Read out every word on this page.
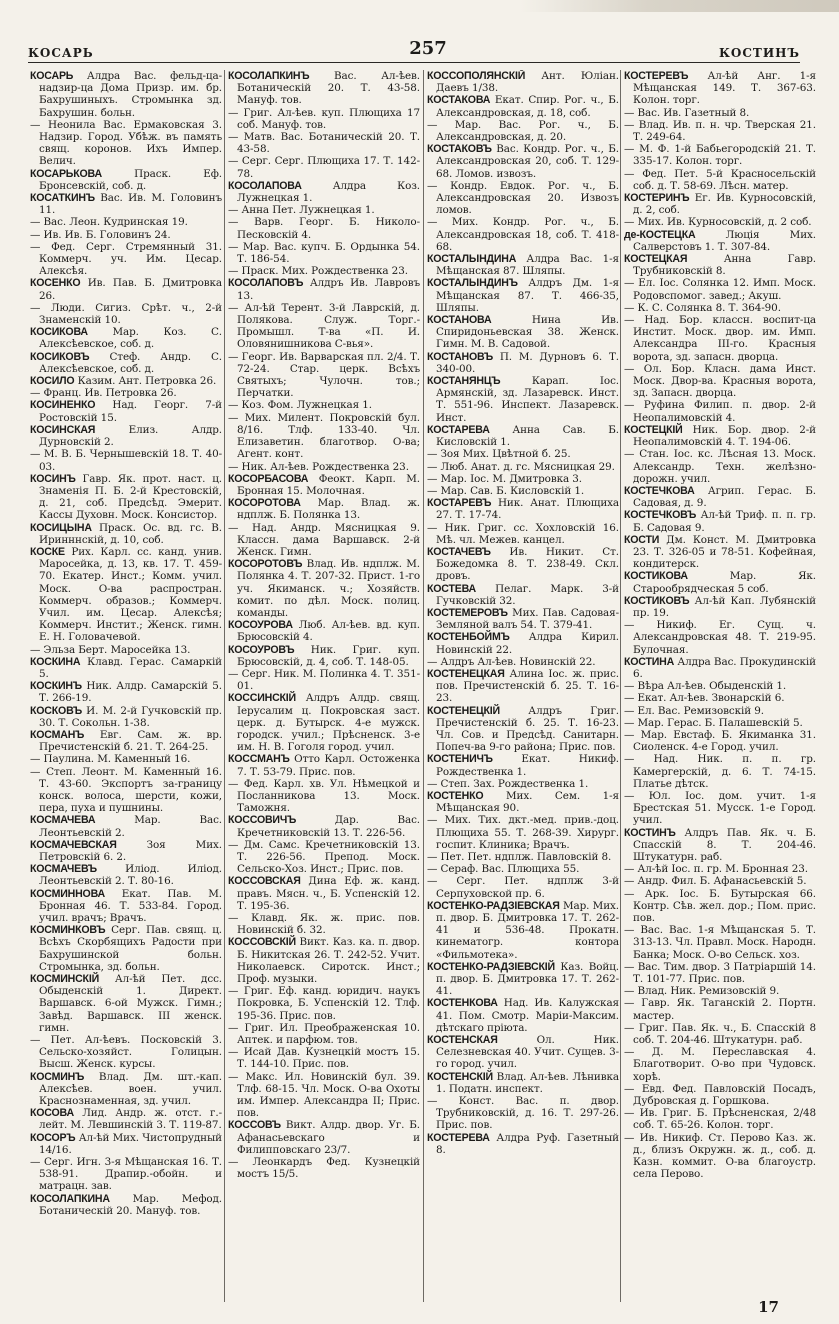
КОСАРЬ	257	КОСТИНЪ

КОСАРЬ Алдра Вас. фельд-ца-надзир-ца Дома Призр. им. бр. Бахрушиныхъ. Стромынка зд. Бахрушин. больн.

— Неонила Вас. Ермаковская 3. Надзир. Город. Убѣж. въ память свящ. коронов. Ихъ Импер. Велич.

КОСАРЬКОВА	Праск. Еф. Бронсевскій, соб. д.

КОСАТКИНЪ Вас. Ив. М. Головинъ 11.

— Вас. Леон. Кудринская 19.

— Ив. Ив. Б. Головинъ 24.

— Фед. Серг. Стремянный 31. Коммерч. уч. Им. Цесар. Алексѣя.

КОСЕНКО Ив. Пав. Б. Дмитровка 26.

— Люди. Сигиз. Срѣт. ч., 2-й Знаменскій 10.

КОСИКОВА Мар. Коз. С. Алексѣевское, соб. д.

КОСИКОВЪ Стеф. Андр. С. Алексѣевское, соб. д.

КОСИЛО Казим. Ант. Петровка 26.

— Франц. Ив. Петровка 26.

КОСИНЕНКО Над. Георг. 7-й Ростовскій 15.

КОСИНСКАЯ	Елиз. Алдр. Дурновскій 2.

— М. В. Б. Чернышевскій 18. Т. 40-03.

КОСИНЪ Гавр. Як. прот. наст. ц. Знаменія П. Б. 2-й Крестовскій, д. 21, соб. Предсѣд. Эмерит. Кассы Духовн. Моск. Консистор.

КОСИЦЫНА Праск. Ос. вд. гс. В. Иринннскій, д. 10, соб.

КОСКЕ Рих. Карл. сс. канд. унив. Маросейка, д. 13, кв. 17. Т. 459-70. Екатер. Инст.; Комм. учил. Моск. О-ва распростран. Коммерч. образов.; Коммерч. Учил. им. Цесар. Алексѣя; Коммерч. Инстит.; Женск. гимн. Е. Н. Головачевой.

— Эльза Берт. Маросейка 13.

КОСКИНА Клавд. Герас. Самаркій 5.

КОСКИНЪ Ник. Алдр. Самарскій 5. Т. 266-19.

КОСКОВЪ И. М. 2-й Гучковскій пр. 30. Т. Сокольн. 1-38.

КОСМАНЪ Евг. Сам. ж. вр. Пречистенскій б. 21. Т. 264-25.

— Паулина. М. Каменный 16.

— Степ. Леонт. М. Каменный 16. Т. 43-60. Экспортъ за-границу конск. волоса, шерсти, кожи, пера, пуха и пушнины.

КОСМАЧЕВА	Мар. Вас. Леонтьевскій 2.

КОСМАЧЕВСКАЯ	Зоя Мих. Петровскій 6. 2.

КОСМАЧЕВЪ	Иліод. Иліод. Леонтьевскій 2. Т. 80-16.

КОСМИННОВА Екат. Пав. М. Бронная 46. Т. 533-84. Город. учил. врачъ; Врачъ.

КОСМИНКОВЪ Серг. Пав. свящ. ц. Всѣхъ Скорбящихъ Радости при Бахрушинской больн. Стромынка, зд. больн.

КОСМИНСКІЙ Ал-ѣй Пет. дсс. Обыденскій 1. Директ. Варшавск. 6-ой Мужск. Гимн.; Завѣд. Варшавск. III женск. гимн.

— Пет. Ал-ѣевъ. Посковскій 3. Сельско-хозяйст. Голицын. Высш. Женск. курсы.

КОСМИНЪ Влад. Дм. шт.-кап. Алексѣев. воен. учил. Краснознаменная, зд. учил.

КОСОВА Лид. Андр. ж. отст. г.-лейт. М. Левшинскій 3. Т. 119-87.

КОСОРЪ Ал-ѣй Мих. Чистопрудный 14/16.

— Серг. Игн. 3-я Мѣщанская 16. Т. 538-91. Драпир.-обойн. и матрацн. зав.

КОСОЛАПКИНА Мар. Мефод. Ботаническій 20. Мануф. тов.

КОСОЛАПКИНЪ Вас. Ал-ѣев. Ботаническій 20. Т. 43-58. Мануф. тов.

— Григ. Ал-ѣев. куп. Плющиха 17 соб. Мануф. тов.

— Матв. Вас. Ботаническій 20. Т. 43-58.

— Серг. Серг. Плющиха 17. Т. 142-78.

КОСОЛАПОВА	Алдра Коз. Лужнецкая 1.

— Анна Пет. Лужнецкая 1.

— Варв. Георг. Б. Николо-Песковскій 4.

— Мар. Вас. купч. Б. Ордынка 54. Т. 186-54.

— Праск. Мих. Рождественка 23.

КОСОЛАПОВЪ Алдръ Ив. Лавровъ 13.

— Ал-ѣй Терент. 3-й Лаврскій, д. Полякова. Служ. Торг.-Промышл. Т-ва «П. И. Оловянишникова С-вья».

— Георг. Ив. Варварская пл. 2/4. Т. 72-24. Стар. церк. Всѣхъ Святыхъ; Чулочн. тов.; Перчатки.

— Коз. Фом. Лужнецкая 1.

— Мих. Милент. Покровскій бул. 8/16. Тлф. 133-40. Чл. Елизаветин. благотвор. О-ва; Агент. конт.

— Ник. Ал-ѣев. Рождественка 23.

КОСОРБАСОВА Феокт. Карп. М. Бронная 15. Молочная.

КОСОРОТОВА Мар. Влад. ж. ндплж. Б. Полянка 13.

— Над. Андр. Мясницкая 9. Классн. дама Варшавск. 2-й Женск. Гимн.

КОСОРОТОВЪ Влад. Ив. ндплж. М. Полянка 4. Т. 207-32. Прист. 1-го уч. Якиманск. ч.; Хозяйств. комит. по дѣл. Моск. полиц. команды.

КОСОУРОВА Люб. Ал-ѣев. вд. куп. Брюсовскій 4.

КОСОУРОВЪ Ник. Григ. куп. Брюсовскій, д. 4, соб. Т. 148-05.

— Серг. Ник. М. Полинка 4. Т. 351-01.

КОССИНСКІЙ Алдръ Алдр. свящ. Іерусалим ц. Покровская заст. церк. д. Бутырск. 4-е мужск. городск. учил.; Прѣсненск. 3-е им. Н. В. Гоголя город. учил.

КОССМАНЪ Отто Карл. Остоженка 7. Т. 53-79. Прис. пов.

— Фед. Карл. хв. Ул. Нѣмецкой и Посланникова 13. Моск. Таможня.

КОССОВИЧЪ	Дар. Вас. Кречетниковскій 13. Т. 226-56.

— Дм. Самс. Кречетниковскій 13. Т. 226-56. Препод. Моск. Сельско-Хоз. Инст.; Прис. пов.

КОССОВСКАЯ Дина Еф. ж. канд. правъ. Мясн. ч., Б. Успенскій 12. Т. 195-36.

— Клавд. Як. ж. прис. пов. Новинскій б. 32.

КОССОВСКІЙ Викт. Каз. ка. п. двор. Б. Никитская 26. Т. 242-52. Учит. Николаевск. Сиротск. Инст.; Проф. музыки.

— Григ. Еф. канд. юридич. наукъ Покровка, Б. Успенскій 12. Тлф. 195-36. Прис. пов.

— Григ. Ил. Преображенская 10. Аптек. и парфюм. тов.

— Исай Дав. Кузнецкій мостъ 15. Т. 144-10. Прис. пов.

— Макс. Ил. Новинскій бул. 39. Тлф. 68-15. Чл. Моск. О-ва Охоты им. Импер. Александра II; Прис. пов.

КОССОВЪ Викт. Алдр. двор. Уг. Б. Афанасьевскаго и Филипповскаго 23/7.

— Леонкардъ Фед. Кузнецкій мостъ 15/5.

КОССОПОЛЯНСКІЙ Ант. Юліан. Даевъ 1/38.

КОСТАКОВА Екат. Спир. Рог. ч., Б. Александровская, д. 18, соб.

— Мар. Вас. Рог. ч., Б. Александровская, д. 20.

КОСТАКОВЪ Вас. Кондр. Рог. ч., Б. Александровская 20, соб. Т. 129-68. Ломов. извозъ.

— Кондр. Евдок. Рог. ч., Б. Александровская 20. Извозъ ломов.

— Мих. Кондр. Рог. ч., Б. Александровская 18, соб. Т. 418-68.

КОСТАЛЫНДИНА Алдра Вас. 1-я Мѣщанская 87. Шляпы.

КОСТАЛЫНДИНЪ Алдръ Дм. 1-я Мѣщанская 87. Т. 466-35, Шляпы.

КОСТАНОВА	Нина Ив. Спиридоньевская 38. Женск. Гимн. М. В. Садовой.

КОСТАНОВЪ П. М. Дурновъ 6. Т. 340-00.

КОСТАНЯНЦЪ	Карап. Іос. Армянскій, зд. Лазаревск. Инст. Т. 551-96. Инспект. Лазаревск. Инст.

КОСТАРЕВА Анна Сав. Б. Кисловскій 1.

— Зоя Мих. Цвѣтной б. 25.

— Люб. Анат. д. гс. Мясницкая 29.

— Мар. Іос. М. Дмитровка 3.

— Мар. Сав. Б. Кисловскій 1.

КОСТАРЕВЪ Ник. Анат. Плющиха 27. Т. 17-74.

— Ник. Григ. сс. Хохловскій 16. Мѣ. чл. Межев. канцел.

КОСТАЧЕВЪ Ив. Никит. Ст. Божедомка 8. Т. 238-49. Скл. дровъ.

КОСТЕВА Пелаг. Марк. 3-й Гучковскій 32.

КОСТЕМЕРОВЪ Мих. Пав. Садовая-Земляной валъ 54. Т. 379-41.

КОСТЕНБОЙМЪ Алдра Кирил. Новинскій 22.

— Алдръ Ал-ѣев. Новинскій 22.

КОСТЕНЕЦКАЯ Алина Іос. ж. прис. пов. Пречистенскій б. 25. Т. 16-23.

КОСТЕНЕЦКІЙ	Алдръ Григ. Пречистенскій б. 25. Т. 16-23. Чл. Сов. и Предсѣд. Санитарн. Попеч-ва 9-го района; Прис. пов.

КОСТЕНИЧЪ	Екат. Никиф. Рождественка 1.

— Степ. Зах. Рождественка 1.

КОСТЕНКО Мих. Сем. 1-я Мѣщанская 90.

— Мих. Тих. дкт.-мед. прив.-доц. Плющиха 55. Т. 268-39. Хирург. госпит. Клиника; Врачъ.

— Пет. Пет. ндплж. Павловскій 8.

— Сераф. Вас. Плющиха 55.

— Серг. Пет. ндплж 3-й Серпуховской пр. 6.

КОСТЕНКО-РАДЗІЕВСКАЯ Мар. Мих. п. двор. Б. Дмитровка 17. Т. 262-41 и 536-48. Прокатн. кинематогр. контора «Фильмотека».

КОСТЕНКО-РАДЗІЕВСКІЙ Каз. Войц. п. двор. Б. Дмитровка 17. Т. 262-41.

КОСТЕНКОВА Над. Ив. Калужская 41. Пом. Смотр. Маріи-Максим. дѣтскаго пріюта.

КОСТЕНСКАЯ	Ол. Ник. Селезневская 40. Учит. Сущев. 3-го город. учил.

КОСТЕНСКІЙ Влад. Ал-ѣев. Лѣнивка 1. Податн. инспект.

— Конст. Вас. п. двор. Трубниковскій, д. 16. Т. 297-26. Прис. пов.

КОСТЕРЕВА Алдра Руф. Газетный 8.

КОСТЕРЕВЪ Ал-ѣй Анг. 1-я Мѣщанская 149. Т. 367-63. Колон. торг.

— Вас. Ив. Газетный 8.

— Влад. Ив. п. н. чр. Тверская 21. Т. 249-64.

— М. Ф. 1-й Бабьегородскій 21. Т. 335-17. Колон. торг.

— Фед. Пет. 5-й Красносельскій соб. д. Т. 58-69. Лѣсн. матер.

КОСТЕРИНЪ Ег. Ив. Курносовскій, д. 2, соб.

— Мих. Ив. Курносовскій, д. 2 соб.

де-КОСТЕЦКА	Люція Мих. Салверстовъ 1. Т. 307-84.

КОСТЕЦКАЯ	Анна Гавр. Трубниковскій 8.

— Ел. Іос. Солянка 12. Имп. Моск. Родовспомог. завед.; Акуш.

— К. С. Солянка 8. Т. 364-90.

— Над. Бор. классн. воспит-ца Инстит. Моск. двор. им. Имп. Александра III-го. Красныя ворота, зд. запасн. дворца.

— Ол. Бор. Класн. дама Инст. Моск. Двор-ва. Красныя ворота, зд. Запасн. дворца.

— Руфина Филип. п. двор. 2-й Неопалимовскій 4.

КОСТЕЦКІЙ Ник. Бор. двор. 2-й Неопалимовскій 4. Т. 194-06.

— Стан. Іос. кс. Лѣсная 13. Моск. Александр. Техн. желѣзно-дорожн. учил.

КОСТЕЧКОВА Агрип. Герас. Б. Садовая, д. 9.

КОСТЕЧКОВЪ Ал-ѣй Триф. п. п. гр. Б. Садовая 9.

КОСТИ Дм. Конст. М. Дмитровка 23. Т. 326-05 и 78-51. Кофейная, кондитерск.

КОСТИКОВА	Мар. Як. Старообрядческая 5 соб.

КОСТИКОВЪ Ал-ѣй Кап. Лубянскій пр. 19.

— Никиф. Ег. Сущ. ч. Александровская 48. Т. 219-95. Булочная.

КОСТИНА Алдра Вас. Прокудинскій 6.

— Вѣра Ал-ѣев. Обыденскій 1.

— Екат. Ал-ѣев. Звонарскій 6.

— Ел. Вас. Ремизовскій 9.

— Мар. Герас. Б. Палашевскій 5.

— Мар. Евстаф. Б. Якиманка 31. Сиоленск. 4-е Город. учил.

— Над. Ник. п. п. гр. Камергерскій, д. 6. Т. 74-15. Платье дѣтск.

— Юл. Іос. дом. учит. 1-я Брестская 51. Мусск. 1-е Город. учил.

КОСТИНЪ Алдръ Пав. Як. ч. Б. Спасскій 8. Т. 204-46. Штукатурн. раб.

— Ал-ѣй Іос. п. гр. М. Бронная 23.

— Андр. Фил. Б. Афанасьевскій 5.

— Арк. Іос. Б. Бутырская 66. Контр. Сѣв. жел. дор.; Пом. прис. пов.

— Вас. Вас. 1-я Мѣщанская 5. Т. 313-13. Чл. Правл. Моск. Народн. Банка; Моск. О-во Сельск. хоз.

— Вас. Тим. двор. 3 Патріаршій 14. Т. 101-77. Прис. пов.

— Влад. Ник. Ремизовскій 9.

— Гавр. Як. Таганскій 2. Портн. мастер.

— Григ. Пав. Як. ч., Б. Спасскій 8 соб. Т. 204-46. Штукатурн. раб.

— Д. М. Переславская 4. Благотворит. О-во при Чудовск. хорѣ.

— Евд. Фед. Павловскій Посадъ, Дубровская д. Горшкова.

— Ив. Григ. Б. Прѣсненская, 2/48 соб. Т. 65-26. Колон. торг.

— Ив. Никиф. Ст. Перово Каз. ж. д., близъ Окружн. ж. д., соб. д. Казн. коммит. О-ва благоустр. села Перово.

17
